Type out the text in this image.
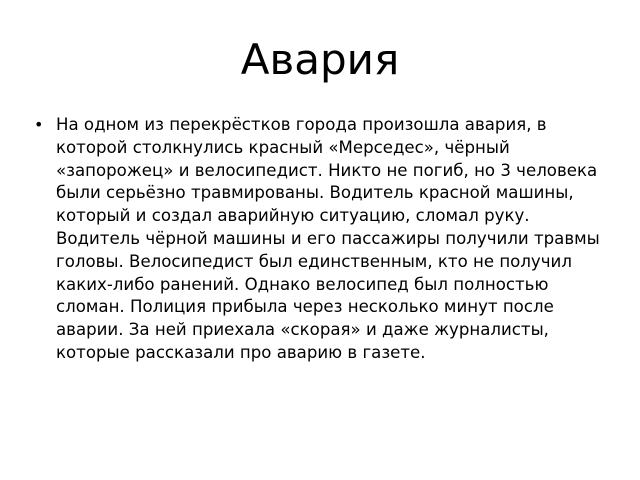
Авария
• На одном из перекрёстков города произошла авария, в которой столкнулись красный «Мерседес», чёрный «запорожец» и велосипедист. Никто не погиб, но 3 человека были серьёзно травмированы. Водитель красной машины, который и создал аварийную ситуацию, сломал руку. Водитель чёрной машины и его пассажиры получили травмы головы. Велосипедист был единственным, кто не получил каких-либо ранений. Однако велосипед был полностью сломан. Полиция прибыла через несколько минут после аварии. За ней приехала «скорая» и даже журналисты, которые рассказали про аварию в газете.
